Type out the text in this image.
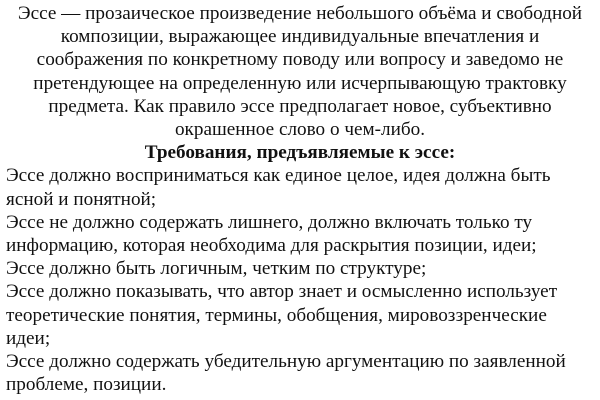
Эссе — прозаическое произведение небольшого объёма и свободной композиции, выражающее индивидуальные впечатления и соображения по конкретному поводу или вопросу и заведомо не претендующее на определенную или исчерпывающую трактовку предмета. Как правило эссе предполагает новое, субъективно окрашенное слово о чем-либо.

Требования, предъявляемые к эссе:

Эссе должно восприниматься как единое целое, идея должна быть ясной и понятной;
Эссе не должно содержать лишнего, должно включать только ту информацию, которая необходима для раскрытия позиции, идеи;
Эссе должно быть логичным, четким по структуре;
Эссе должно показывать, что автор знает и осмысленно использует теоретические понятия, термины, обобщения, мировоззренческие идеи;
Эссе должно содержать убедительную аргументацию по заявленной проблеме, позиции.
